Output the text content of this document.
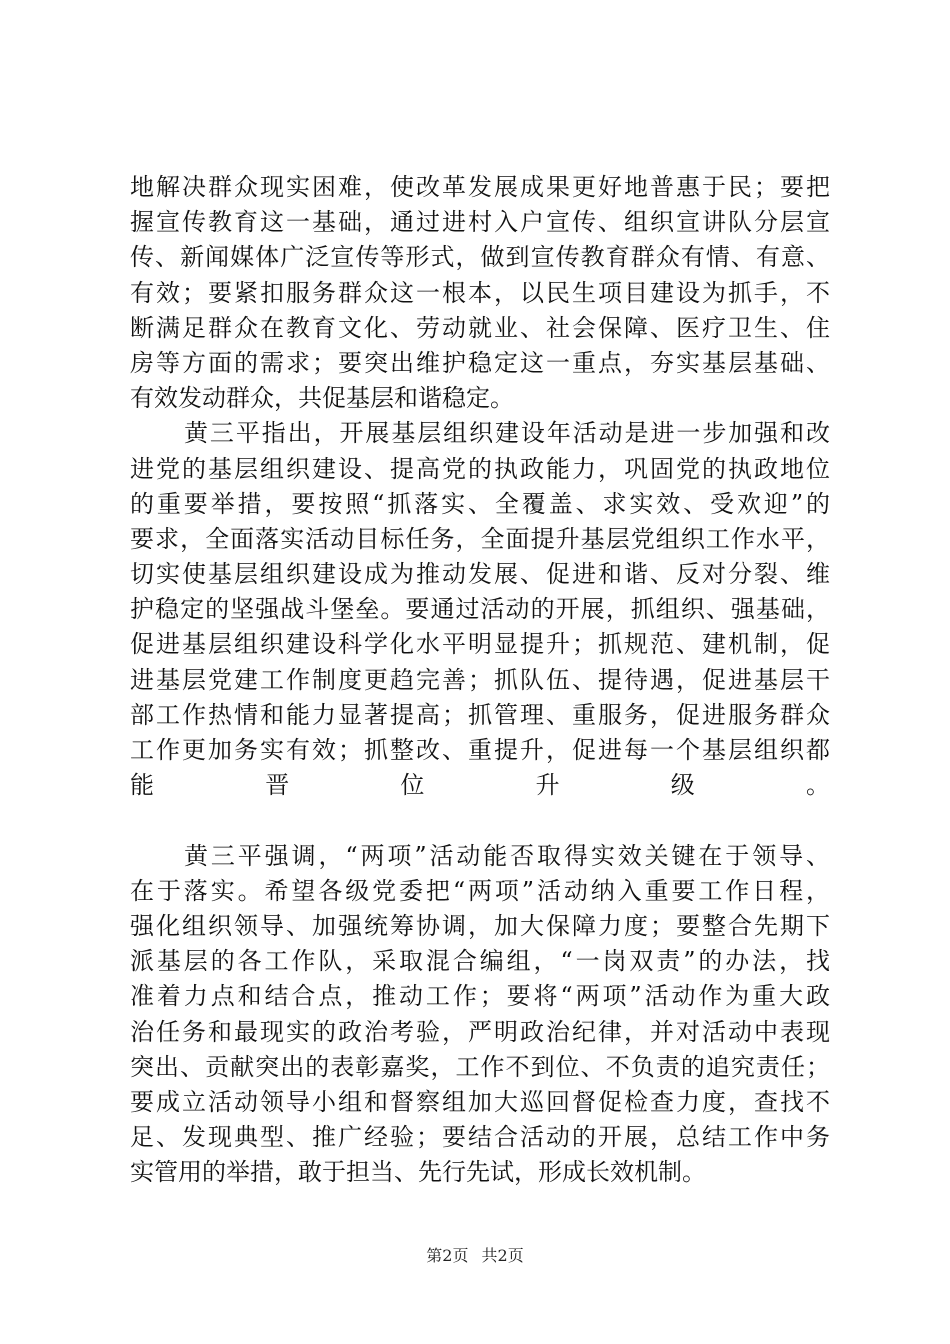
地解决群众现实困难，使改革发展成果更好地普惠于民；要把
握宣传教育这一基础，通过进村入户宣传、组织宣讲队分层宣
传、新闻媒体广泛宣传等形式，做到宣传教育群众有情、有意、
有效；要紧扣服务群众这一根本，以民生项目建设为抓手，不
断满足群众在教育文化、劳动就业、社会保障、医疗卫生、住
房等方面的需求；要突出维护稳定这一重点，夯实基层基础、
有效发动群众，共促基层和谐稳定。
黄三平指出，开展基层组织建设年活动是进一步加强和改
进党的基层组织建设、提高党的执政能力，巩固党的执政地位
的重要举措，要按照“抓落实、全覆盖、求实效、受欢迎”的
要求，全面落实活动目标任务，全面提升基层党组织工作水平，
切实使基层组织建设成为推动发展、促进和谐、反对分裂、维
护稳定的坚强战斗堡垒。要通过活动的开展，抓组织、强基础，
促进基层组织建设科学化水平明显提升；抓规范、建机制，促
进基层党建工作制度更趋完善；抓队伍、提待遇，促进基层干
部工作热情和能力显著提高；抓管理、重服务，促进服务群众
工作更加务实有效；抓整改、重提升，促进每一个基层组织都
能晋位升级。
黄三平强调，“两项”活动能否取得实效关键在于领导、
在于落实。希望各级党委把“两项”活动纳入重要工作日程，
强化组织领导、加强统筹协调，加大保障力度；要整合先期下
派基层的各工作队，采取混合编组，“一岗双责”的办法，找
准着力点和结合点，推动工作；要将“两项”活动作为重大政
治任务和最现实的政治考验，严明政治纪律，并对活动中表现
突出、贡献突出的表彰嘉奖，工作不到位、不负责的追究责任；
要成立活动领导小组和督察组加大巡回督促检查力度，查找不
足、发现典型、推广经验；要结合活动的开展，总结工作中务
实管用的举措，敢于担当、先行先试，形成长效机制。
第2页 共2页
